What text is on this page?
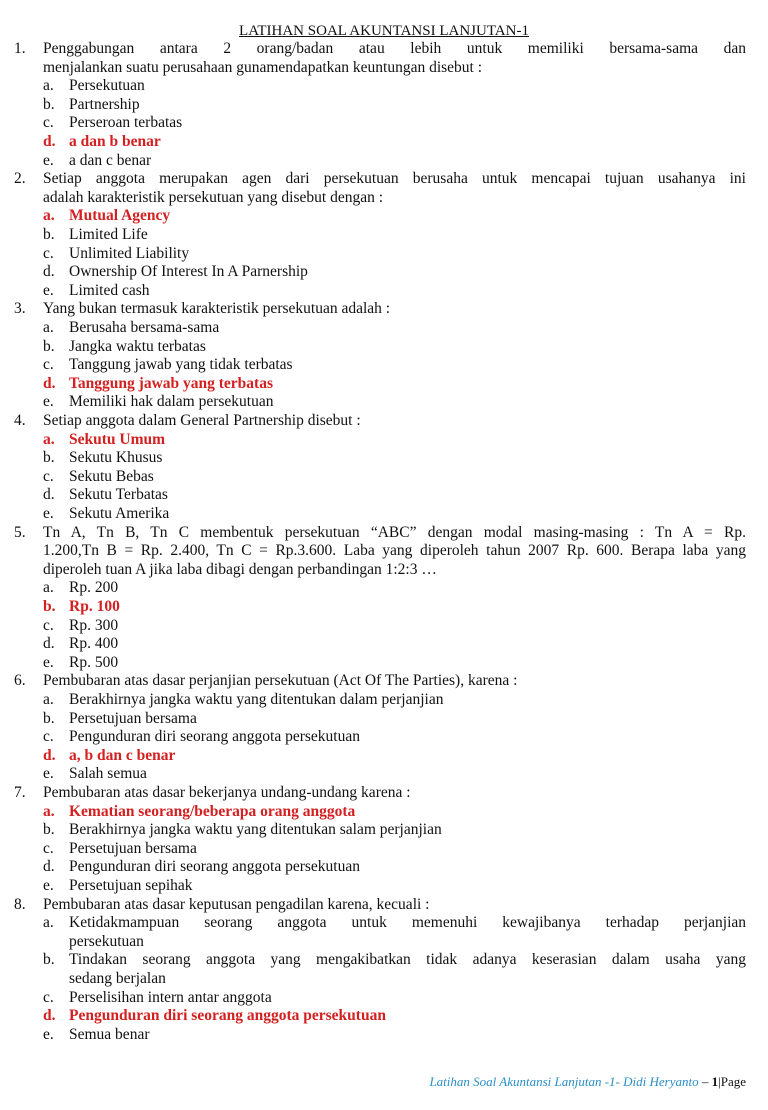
LATIHAN SOAL AKUNTANSI LANJUTAN-1
1.	Penggabungan antara 2 orang/badan atau lebih untuk memiliki bersama-sama dan
menjalankan suatu perusahaan gunamendapatkan keuntungan disebut :
a. Persekutuan
b. Partnership
c. Perseroan terbatas
d. a dan b benar
e. a dan c benar
2.	Setiap anggota merupakan agen dari persekutuan berusaha untuk mencapai tujuan usahanya ini
adalah karakteristik persekutuan yang disebut dengan :
a. Mutual Agency
b. Limited Life
c. Unlimited Liability
d. Ownership Of Interest In A Parnership
e. Limited cash
3.	Yang bukan termasuk karakteristik persekutuan adalah :
a. Berusaha bersama-sama
b. Jangka waktu terbatas
c. Tanggung jawab yang tidak terbatas
d. Tanggung jawab yang terbatas
e. Memiliki hak dalam persekutuan
4.	Setiap anggota dalam General Partnership disebut :
a. Sekutu Umum
b. Sekutu Khusus
c. Sekutu Bebas
d. Sekutu Terbatas
e. Sekutu Amerika
5.	Tn A, Tn B, Tn C membentuk persekutuan “ABC” dengan modal masing-masing : Tn A = Rp.
1.200,Tn B = Rp. 2.400, Tn C = Rp.3.600. Laba yang diperoleh tahun 2007 Rp. 600. Berapa laba yang
diperoleh tuan A jika laba dibagi dengan perbandingan 1:2:3 …
a. Rp. 200
b. Rp. 100
c. Rp. 300
d. Rp. 400
e. Rp. 500
6.	Pembubaran atas dasar perjanjian persekutuan (Act Of The Parties), karena :
a. Berakhirnya jangka waktu yang ditentukan dalam perjanjian
b. Persetujuan bersama
c. Pengunduran diri seorang anggota persekutuan
d. a, b dan c benar
e. Salah semua
7.	Pembubaran atas dasar bekerjanya undang-undang karena :
a. Kematian seorang/beberapa orang anggota
b. Berakhirnya jangka waktu yang ditentukan salam perjanjian
c. Persetujuan bersama
d. Pengunduran diri seorang anggota persekutuan
e. Persetujuan sepihak
8.	Pembubaran atas dasar keputusan pengadilan karena, kecuali :
a. Ketidakmampuan seorang anggota untuk memenuhi kewajibanya terhadap perjanjian
persekutuan
b. Tindakan seorang anggota yang mengakibatkan tidak adanya keserasian dalam usaha yang
sedang berjalan
c. Perselisihan intern antar anggota
d. Pengunduran diri seorang anggota persekutuan
e. Semua benar
Latihan Soal Akuntansi Lanjutan -1- Didi Heryanto – 1|Page
